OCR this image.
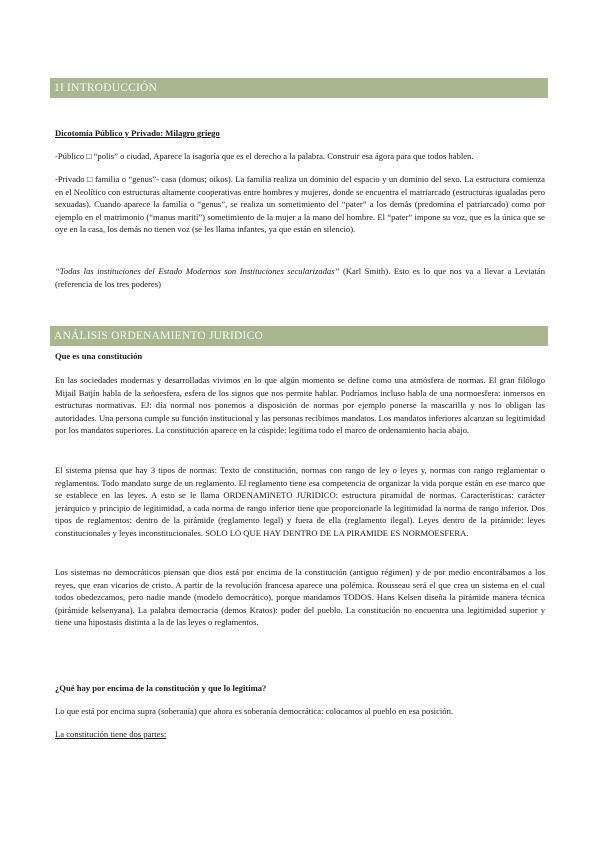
1I INTRODUCCIÓN

Dicotomía Público y Privado: Milagro griego

-Público □ “polis” o ciudad, Aparece la isagoría que es el derecho a la palabra. Construir esa ágora para que todos hablen.

-Privado □ familia o “genus”- casa (domus; oikos). La familia realiza un dominio del espacio y un dominio del sexo. La estructura comienza en el Neolítico con estructuras altamente cooperativas entre hombres y mujeres, donde se encuentra el matriarcado (estructuras igualadas pero sexuadas). Cuando aparece la familia o “genus”, se realiza un sometimiento del “pater” a los demás (predomina el patriarcado) como por ejemplo en el matrimonio (“manus marití”) sometimiento de la mujer a la mano del hombre. El “pater” impone su voz, que es la única que se oye en la casa, los demás no tienen voz (se les llama infantes, ya que están en silencio).

“Todas las instituciones del Estado Modernos son Instituciones secularizadas” (Karl Smith). Esto es lo que nos va a llevar a Leviatán (referencia de los tres poderes)

ANÁLISIS ORDENAMIENTO JURIDICO

Que es una constitución

En las sociedades modernas y desarrolladas vivimos en lo que algún momento se define como una atmósfera de normas. El gran filólogo Mijail Batjín habla de la señoesfera, esfera de los signos que nos permite hablar. Podríamos incluso habla de una normoesfera: inmersos en estructuras normativas. EJ: día normal nos ponemos a disposición de normas por ejemplo ponerse la mascarilla y nos lo obligan las autoridades. Una persona cumple su función institucional y las personas recibimos mandatos. Los mandatos inferiores alcanzan su legitimidad por los mandatos superiores. La constitución aparece en la cúspide: legitima todo el marco de ordenamiento hacia abajo.

El sistema piensa que hay 3 tipos de normas: Texto de constitución, normas con rango de ley o leyes y, normas con rango reglamentar o reglamentos. Todo mandato surge de un reglamento. El reglamento tiene esa competencia de organizar la vida porque están en ese marco que se establece en las leyes. A esto se le llama ORDENAMINETO JURIDICO: estructura piramidal de normas. Características: carácter jerárquico y principio de legitimidad, a cada norma de rango inferior tiene que proporcionarle la legitimidad la norma de rango inferior. Dos tipos de reglamentos: dentro de la pirámide (reglamento legal) y fuera de ella (reglamento ilegal). Leyes dentro de la pirámide: leyes constitucionales y leyes inconstitucionales. SOLO LO QUE HAY DENTRO DE LA PIRAMIDE ES NORMOESFERA.

Los sistemas no democráticos piensan que dios está por encima de la constitución (antiguo régimen) y de por medio encontrábamos a los reyes, que eran vicarios de cristo. A partir de la revolución francesa aparece una polémica. Rousseau será el que crea un sistema en el cual todos obedezcamos, pero nadie mande (modelo democrático), porque mandamos TODOS. Hans Kelsen diseña la pirámide manera técnica (pirámide kelsenyana). La palabra democracia (demos Kratos): poder del pueblo. La constitución no encuentra una legitimidad superior y tiene una hipostasis distinta a la de las leyes o reglamentos.

¿Qué hay por encima de la constitución y que lo legitima?

Lo que está por encima supra (soberanía) que ahora es soberanía democrática: colocamos al pueblo en esa posición.

La constitución tiene dos partes:
